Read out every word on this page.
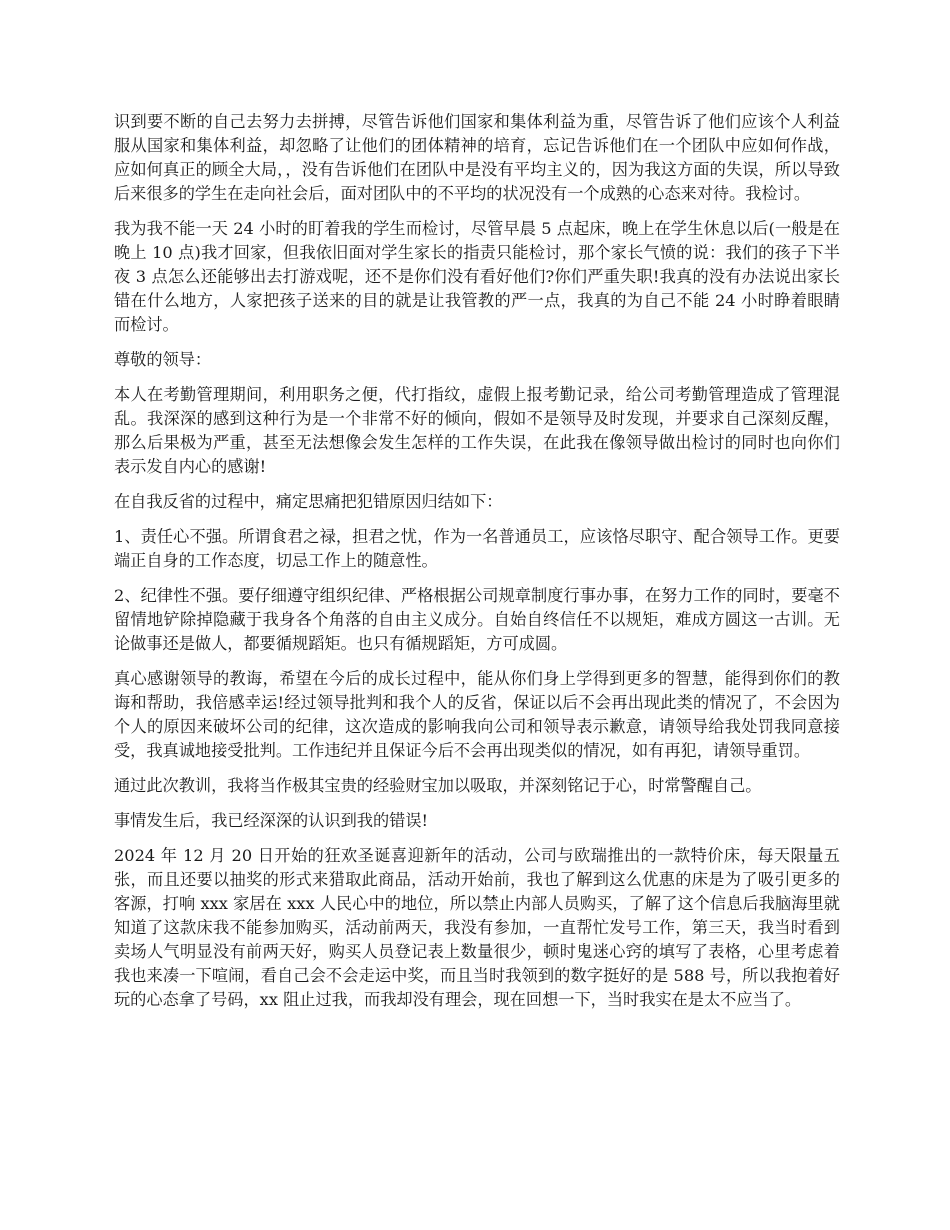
识到要不断的自己去努力去拼搏，尽管告诉他们国家和集体利益为重，尽管告诉了他们应该个人利益服从国家和集体利益，却忽略了让他们的团体精神的培育，忘记告诉他们在一个团队中应如何作战，应如何真正的顾全大局，，没有告诉他们在团队中是没有平均主义的，因为我这方面的失误，所以导致后来很多的学生在走向社会后，面对团队中的不平均的状况没有一个成熟的心态来对待。我检讨。

我为我不能一天 24 小时的盯着我的学生而检讨，尽管早晨 5 点起床，晚上在学生休息以后(一般是在晚上 10 点)我才回家，但我依旧面对学生家长的指责只能检讨，那个家长气愤的说：我们的孩子下半夜 3 点怎么还能够出去打游戏呢，还不是你们没有看好他们?你们严重失职!我真的没有办法说出家长错在什么地方，人家把孩子送来的目的就是让我管教的严一点，我真的为自己不能 24 小时睁着眼睛而检讨。

尊敬的领导：

本人在考勤管理期间，利用职务之便，代打指纹，虚假上报考勤记录，给公司考勤管理造成了管理混乱。我深深的感到这种行为是一个非常不好的倾向，假如不是领导及时发现，并要求自己深刻反醒，那么后果极为严重，甚至无法想像会发生怎样的工作失误，在此我在像领导做出检讨的同时也向你们表示发自内心的感谢!

在自我反省的过程中，痛定思痛把犯错原因归结如下：

1、责任心不强。所谓食君之禄，担君之忧，作为一名普通员工，应该恪尽职守、配合领导工作。更要端正自身的工作态度，切忌工作上的随意性。

2、纪律性不强。要仔细遵守组织纪律、严格根据公司规章制度行事办事，在努力工作的同时，要毫不留情地铲除掉隐藏于我身各个角落的自由主义成分。自始自终信任不以规矩，难成方圆这一古训。无论做事还是做人，都要循规蹈矩。也只有循规蹈矩，方可成圆。

真心感谢领导的教诲，希望在今后的成长过程中，能从你们身上学得到更多的智慧，能得到你们的教诲和帮助，我倍感幸运!经过领导批判和我个人的反省，保证以后不会再出现此类的情况了，不会因为个人的原因来破坏公司的纪律，这次造成的影响我向公司和领导表示歉意，请领导给我处罚我同意接受，我真诚地接受批判。工作违纪并且保证今后不会再出现类似的情况，如有再犯，请领导重罚。

通过此次教训，我将当作极其宝贵的经验财宝加以吸取，并深刻铭记于心，时常警醒自己。

事情发生后，我已经深深的认识到我的错误!

2024 年 12 月 20 日开始的狂欢圣诞喜迎新年的活动，公司与欧瑞推出的一款特价床，每天限量五张，而且还要以抽奖的形式来猎取此商品，活动开始前，我也了解到这么优惠的床是为了吸引更多的客源，打响 xxx 家居在 xxx 人民心中的地位，所以禁止内部人员购买，了解了这个信息后我脑海里就知道了这款床我不能参加购买，活动前两天，我没有参加，一直帮忙发号工作，第三天，我当时看到卖场人气明显没有前两天好，购买人员登记表上数量很少，顿时鬼迷心窍的填写了表格，心里考虑着我也来凑一下喧闹，看自己会不会走运中奖，而且当时我领到的数字挺好的是 588 号，所以我抱着好玩的心态拿了号码，xx 阻止过我，而我却没有理会，现在回想一下，当时我实在是太不应当了。
